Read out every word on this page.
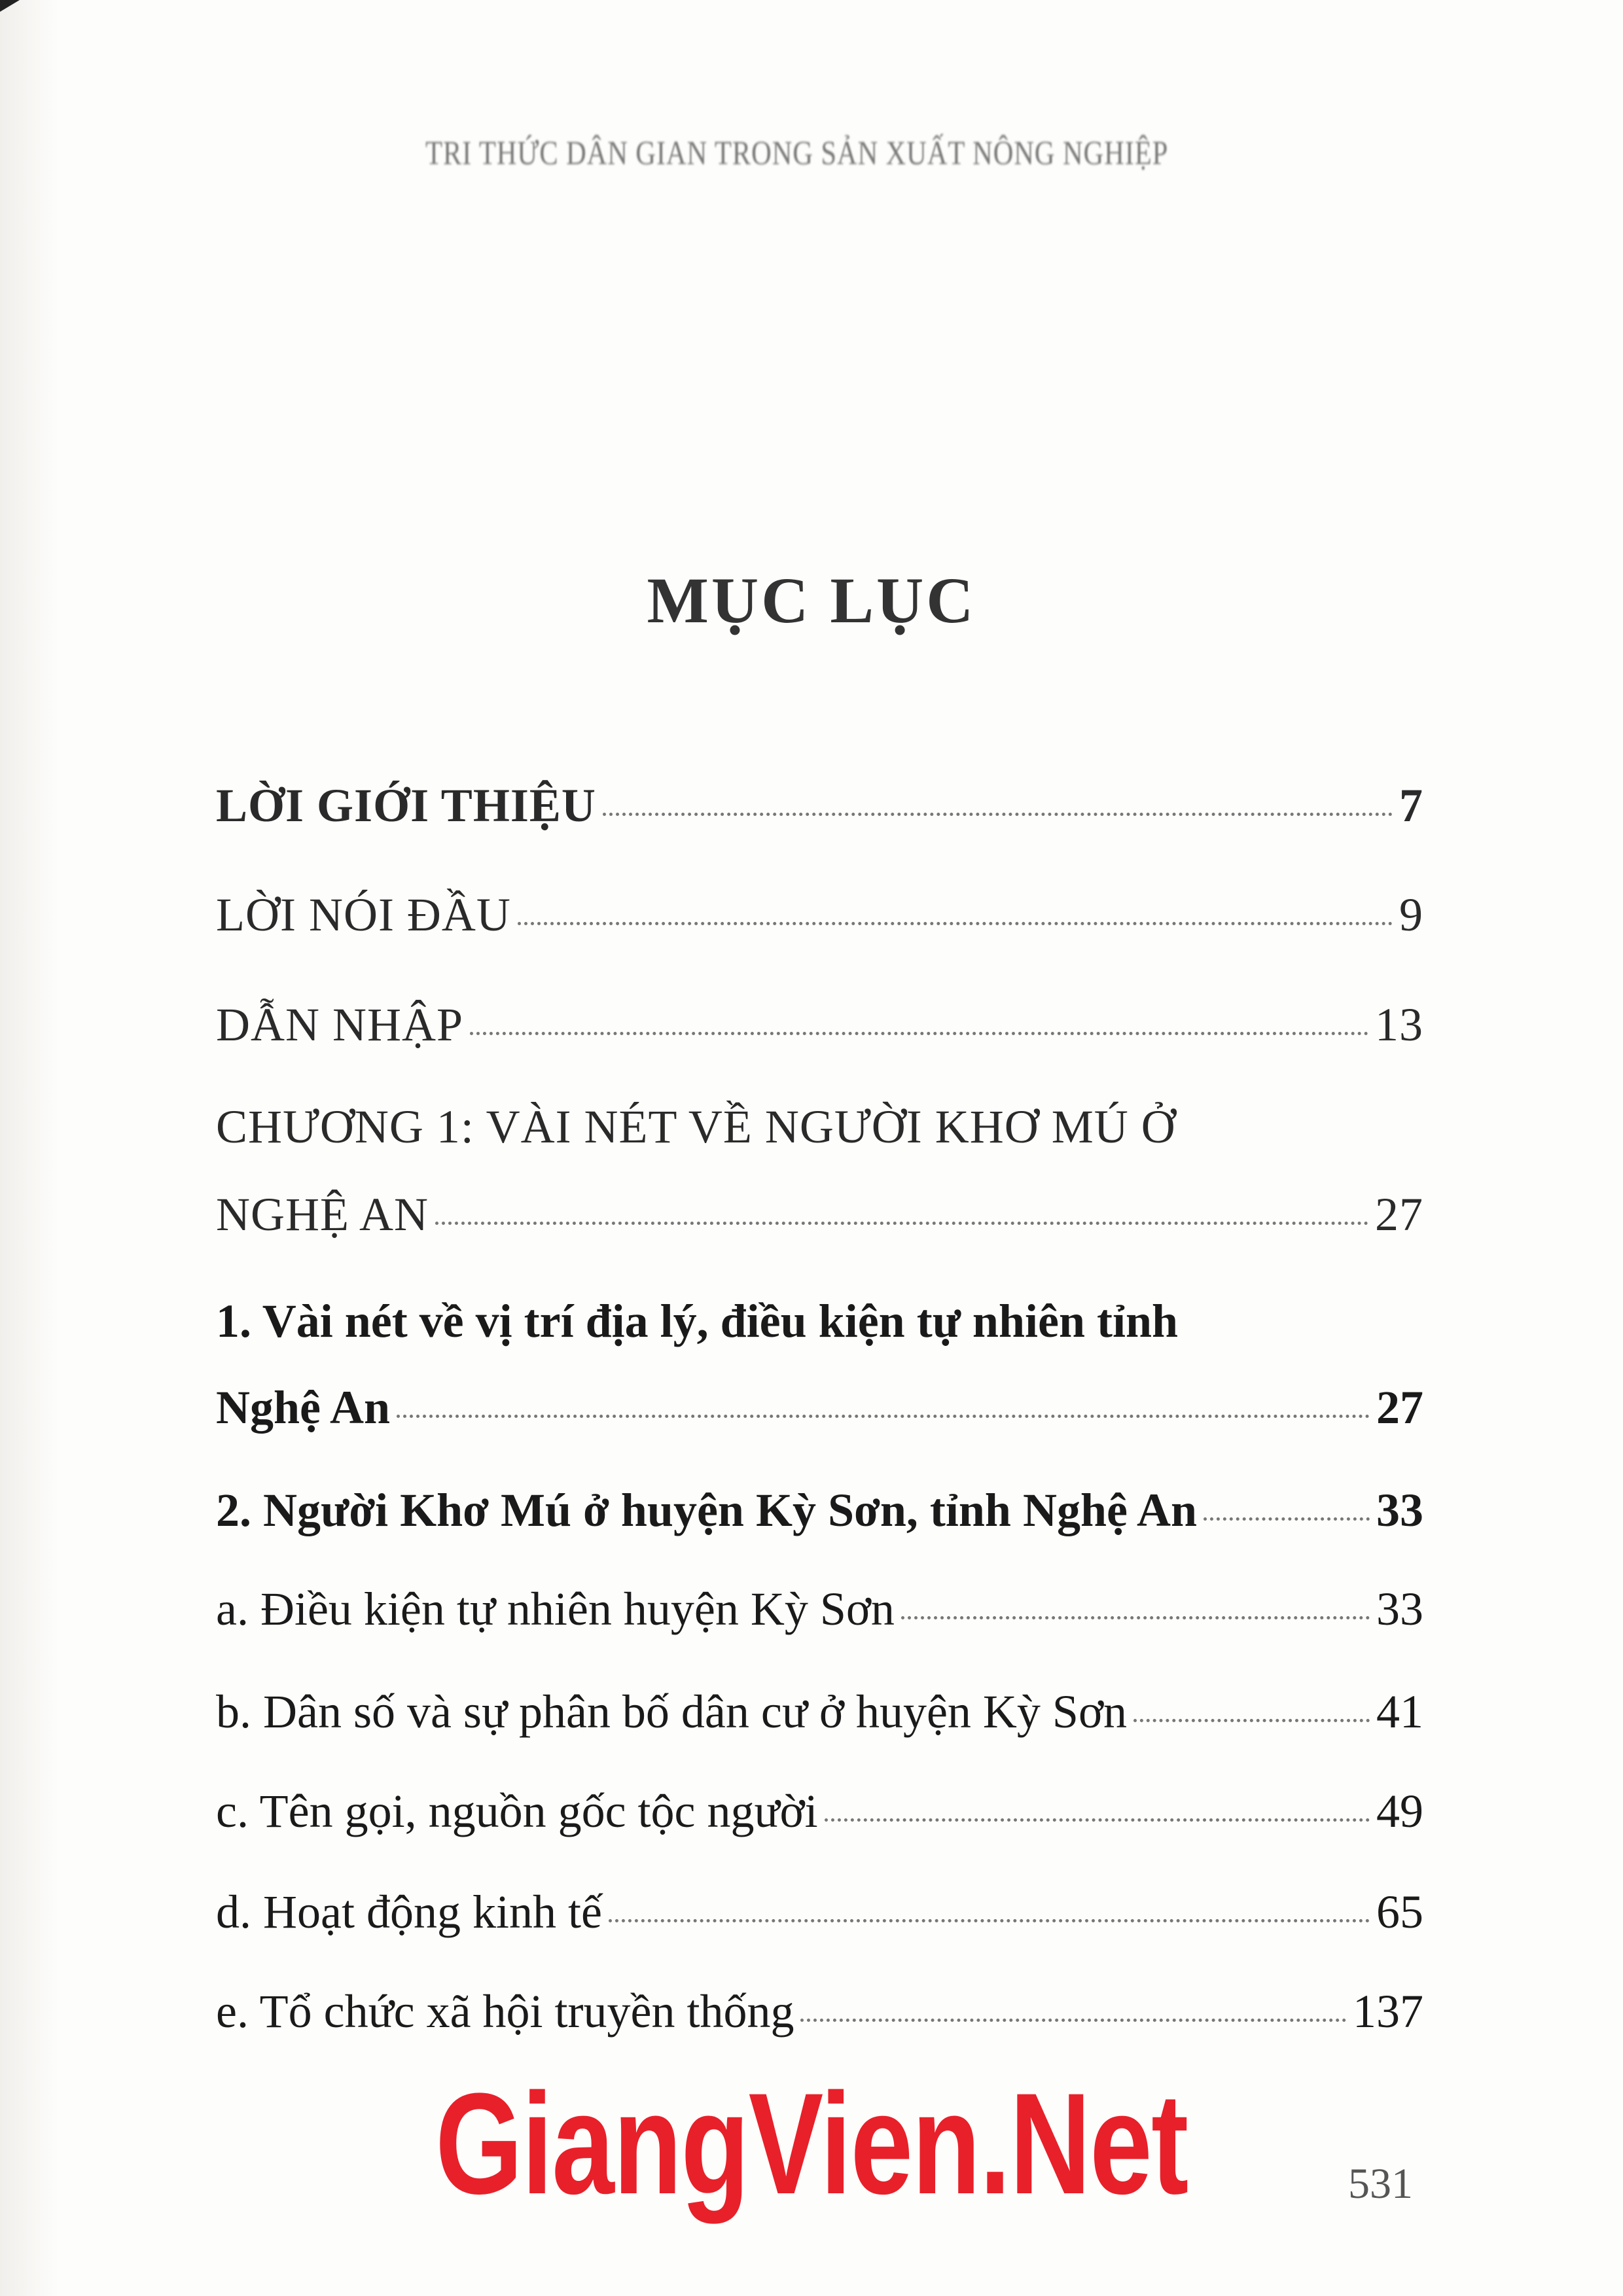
TRI THỨC DÂN GIAN TRONG SẢN XUẤT NÔNG NGHIỆP
MỤC LỤC
LỜI GIỚI THIỆU	7
LỜI NÓI ĐẦU	9
DẪN NHẬP	13
CHƯƠNG 1: VÀI NÉT VỀ NGƯỜI KHƠ MÚ Ở
NGHỆ AN	27
1. Vài nét về vị trí địa lý, điều kiện tự nhiên tỉnh
Nghệ An	27
2. Người Khơ Mú ở huyện Kỳ Sơn, tỉnh Nghệ An	33
a. Điều kiện tự nhiên huyện Kỳ Sơn	33
b. Dân số và sự phân bố dân cư ở huyện Kỳ Sơn	41
c. Tên gọi, nguồn gốc tộc người	49
d. Hoạt động kinh tế	65
e. Tổ chức xã hội truyền thống	137
GiangVien.Net	531
